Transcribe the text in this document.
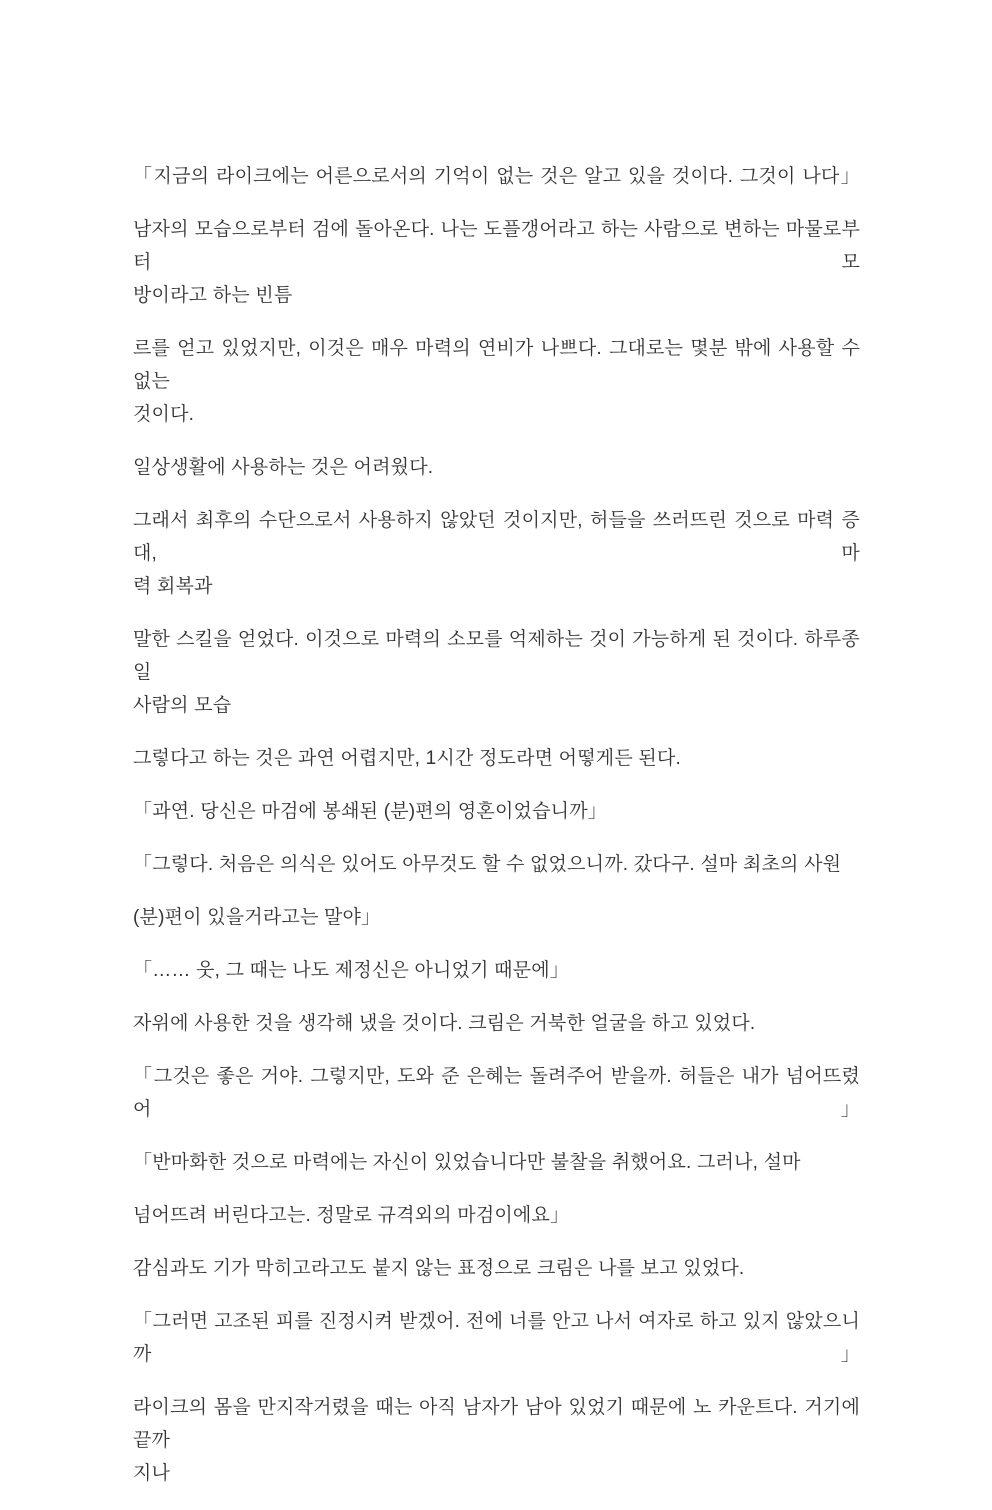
「지금의 라이크에는 어른으로서의 기억이 없는 것은 알고 있을 것이다. 그것이 나다」

남자의 모습으로부터 검에 돌아온다. 나는 도플갱어라고 하는 사람으로 변하는 마물로부터 모
방이라고 하는 빈틈

르를 얻고 있었지만, 이것은 매우 마력의 연비가 나쁘다. 그대로는 몇분 밖에 사용할 수 없는
것이다.

일상생활에 사용하는 것은 어려웠다.

그래서 최후의 수단으로서 사용하지 않았던 것이지만, 허들을 쓰러뜨린 것으로 마력 증대, 마
력 회복과

말한 스킬을 얻었다. 이것으로 마력의 소모를 억제하는 것이 가능하게 된 것이다. 하루종일
사람의 모습

그렇다고 하는 것은 과연 어렵지만, 1시간 정도라면 어떻게든 된다.

「과연. 당신은 마검에 봉쇄된 (분)편의 영혼이었습니까」

「그렇다. 처음은 의식은 있어도 아무것도 할 수 없었으니까. 갔다구. 설마 최초의 사원

(분)편이 있을거라고는 말야」

「…… 웃, 그 때는 나도 제정신은 아니었기 때문에」

자위에 사용한 것을 생각해 냈을 것이다. 크림은 거북한 얼굴을 하고 있었다.

「그것은 좋은 거야. 그렇지만, 도와 준 은혜는 돌려주어 받을까. 허들은 내가 넘어뜨렸어」

「반마화한 것으로 마력에는 자신이 있었습니다만 불찰을 취했어요. 그러나, 설마

넘어뜨려 버린다고는. 정말로 규격외의 마검이에요」

감심과도 기가 막히고라고도 붙지 않는 표정으로 크림은 나를 보고 있었다.

「그러면 고조된 피를 진정시켜 받겠어. 전에 너를 안고 나서 여자로 하고 있지 않았으니까」

라이크의 몸을 만지작거렸을 때는 아직 남자가 남아 있었기 때문에 노 카운트다. 거기에 끝까
지나
